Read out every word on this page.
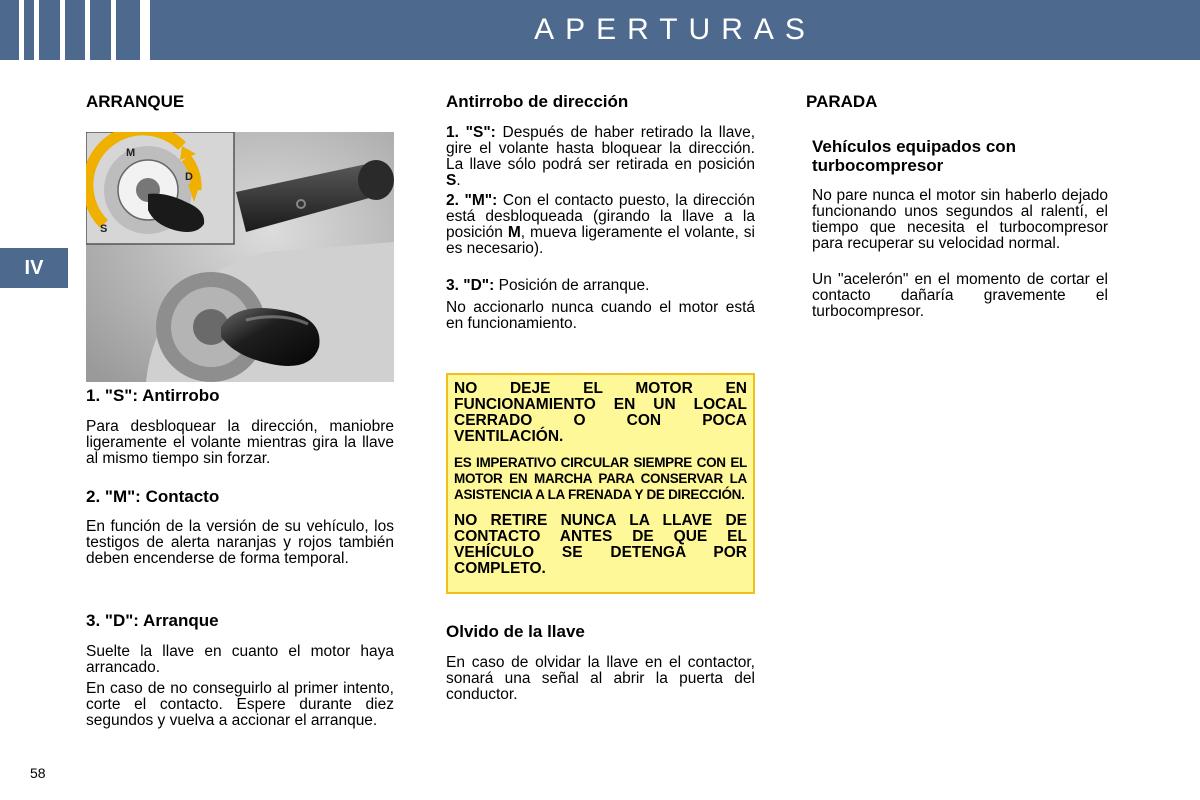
APERTURAS
IV
ARRANQUE
S
M
D
1. "S": Antirrobo

Para desbloquear la dirección, maniobre ligeramente el volante mientras gira la llave al mismo tiempo sin forzar.

2. "M": Contacto

En función de la versión de su vehículo, los testigos de alerta naranjas y rojos también deben encenderse de forma temporal.

3. "D": Arranque

Suelte la llave en cuanto el motor haya arrancado.

En caso de no conseguirlo al primer intento, corte el contacto. Espere durante diez segundos y vuelva a accionar el arranque.

Antirrobo de dirección

1. "S": Después de haber retirado la llave, gire el volante hasta bloquear la dirección. La llave sólo podrá ser retirada en posición S.

2. "M": Con el contacto puesto, la dirección está desbloqueada (girando la llave a la posición M, mueva ligeramente el volante, si es necesario).

3. "D": Posición de arranque.

No accionarlo nunca cuando el motor está en funcionamiento.

NO DEJE EL MOTOR EN FUNCIONAMIENTO EN UN LOCAL CERRADO O CON POCA VENTILACIÓN.

ES IMPERATIVO CIRCULAR SIEMPRE CON EL MOTOR EN MARCHA PARA CONSERVAR LA ASISTENCIA A LA FRENADA Y DE DIRECCIÓN.

NO RETIRE NUNCA LA LLAVE DE CONTACTO ANTES DE QUE EL VEHÍCULO SE DETENGA POR COMPLETO.

Olvido de la llave

En caso de olvidar la llave en el contactor, sonará una señal al abrir la puerta del conductor.

PARADA
Vehículos equipados con turbocompresor

No pare nunca el motor sin haberlo dejado funcionando unos segundos al ralentí, el tiempo que necesita el turbocompresor para recuperar su velocidad normal.

Un "acelerón" en el momento de cortar el contacto dañaría gravemente el turbocompresor.

58
